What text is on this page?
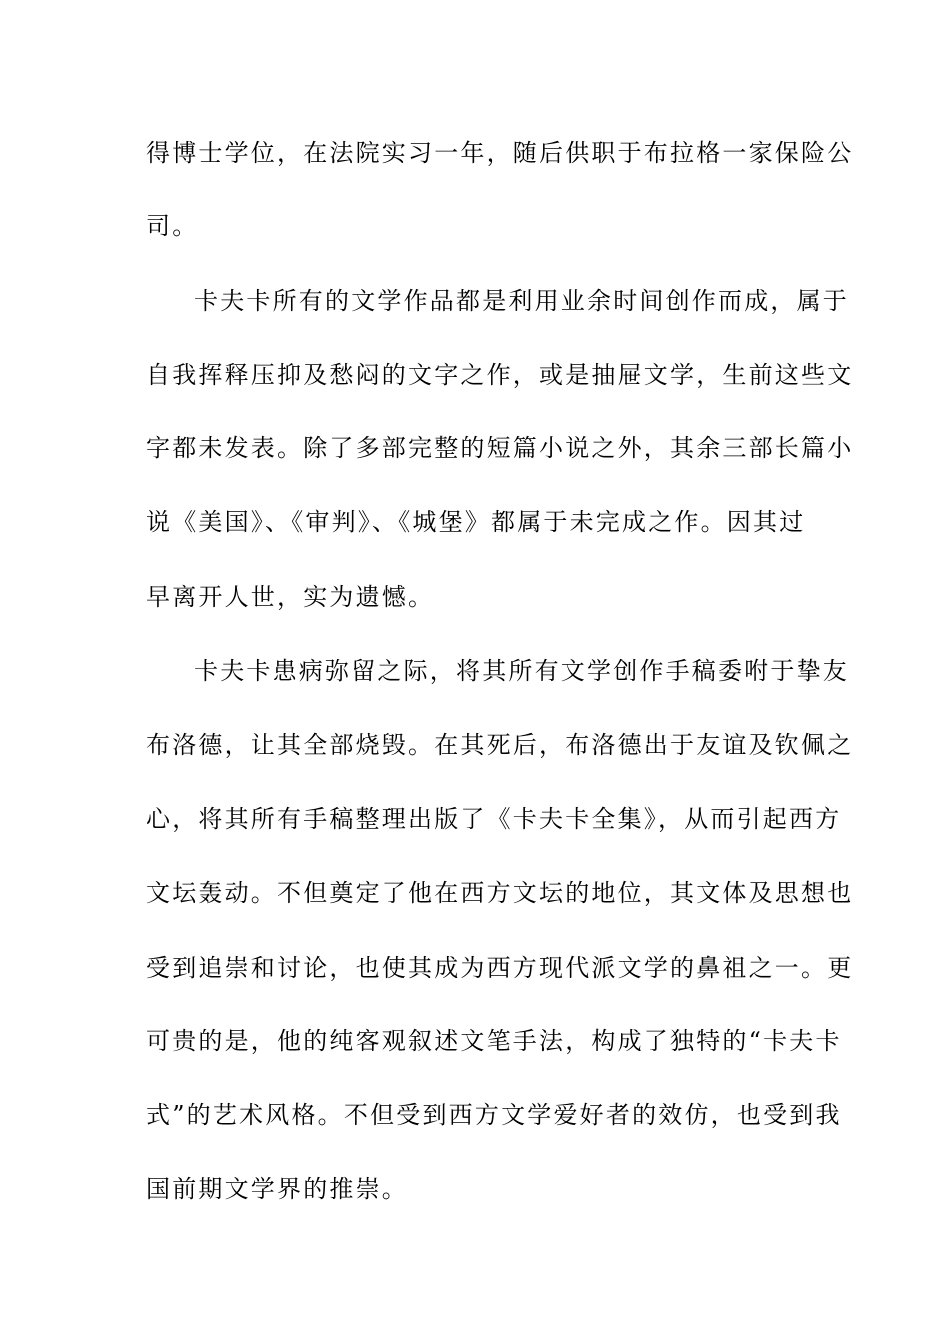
得博士学位，在法院实习一年，随后供职于布拉格一家保险公
司。
卡夫卡所有的文学作品都是利用业余时间创作而成，属于
自我挥释压抑及愁闷的文字之作，或是抽屉文学，生前这些文
字都未发表。除了多部完整的短篇小说之外，其余三部长篇小
说《美国》、《审判》、《城堡》都属于未完成之作。因其过
早离开人世，实为遗憾。
卡夫卡患病弥留之际，将其所有文学创作手稿委咐于挚友
布洛德，让其全部烧毁。在其死后，布洛德出于友谊及钦佩之
心，将其所有手稿整理出版了《卡夫卡全集》，从而引起西方
文坛轰动。不但奠定了他在西方文坛的地位，其文体及思想也
受到追崇和讨论，也使其成为西方现代派文学的鼻祖之一。更
可贵的是，他的纯客观叙述文笔手法，构成了独特的“卡夫卡
式”的艺术风格。不但受到西方文学爱好者的效仿，也受到我
国前期文学界的推崇。
